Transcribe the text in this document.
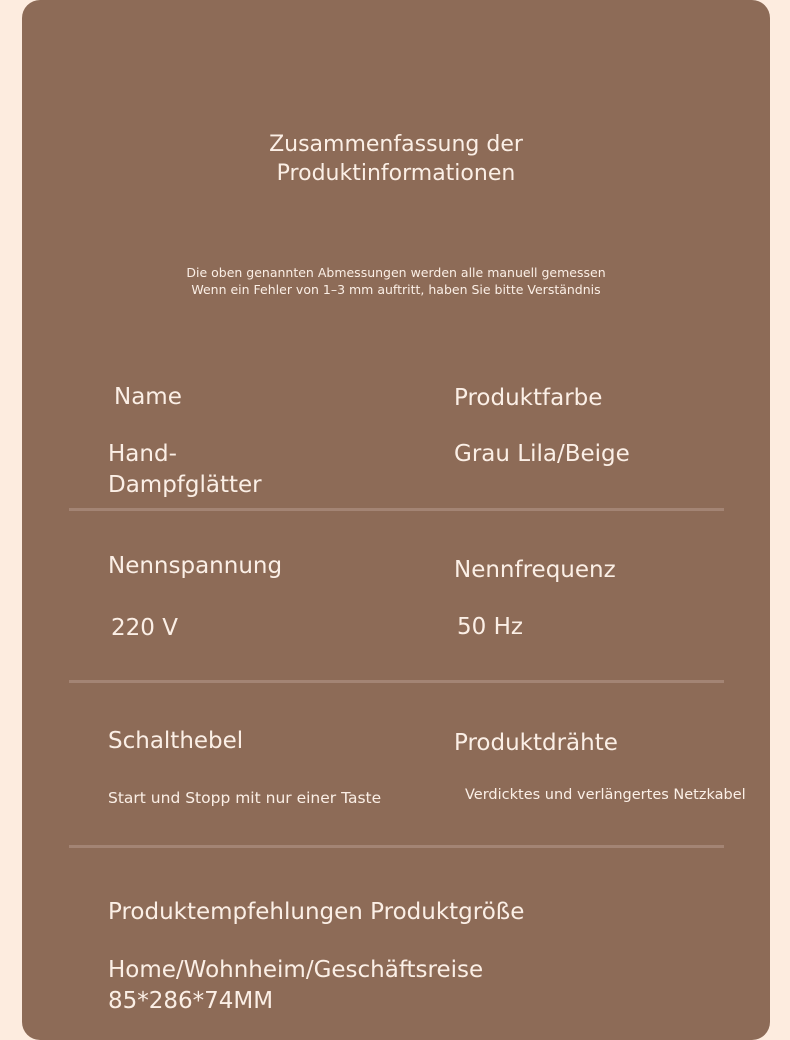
Zusammenfassung der
Produktinformationen

Die oben genannten Abmessungen werden alle manuell gemessen Wenn ein Fehler von 1–3 mm auftritt, haben Sie bitte Verständnis

Name

Hand-Dampfglätter

Produktfarbe

Grau Lila/Beige

Nennspannung

220 V

Nennfrequenz

50 Hz

Schalthebel

Start und Stopp mit nur einer Taste

Produktdrähte

Verdicktes und verlängertes Netzkabel

Produktempfehlungen Produktgröße

Home/Wohnheim/Geschäftsreise 85*286*74MM
